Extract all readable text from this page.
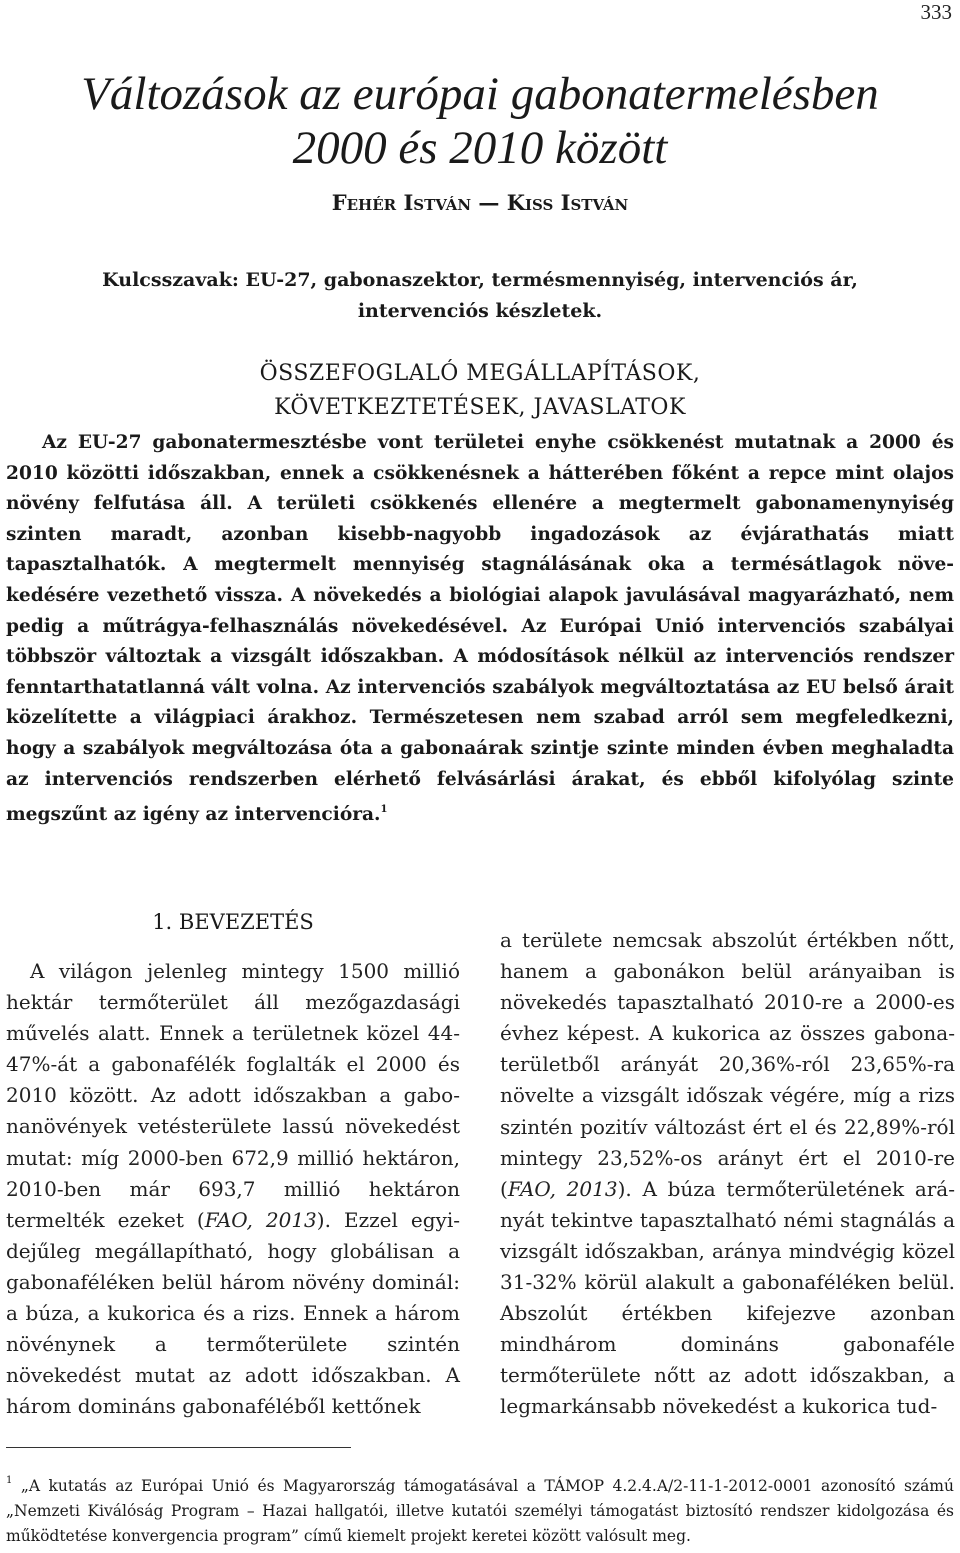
333
Változások az európai gabonatermelésben
2000 és 2010 között
Fehér István — Kiss István
Kulcsszavak: EU-27, gabonaszektor, termésmennyiség, intervenciós ár,
intervenciós készletek.
ÖSSZEFOGLALÓ MEGÁLLAPÍTÁSOK,
KÖVETKEZTETÉSEK, JAVASLATOK
Az EU-27 gabonatermesztésbe vont területei enyhe csökkenést mutatnak a 2000 és 2010 közötti időszakban, ennek a csökkenésnek a hátterében főként a repce mint olajos növény felfutása áll. A területi csökkenés ellenére a megtermelt gabonamenynyiség szinten maradt, azonban kisebb-nagyobb ingadozások az évjárathatás miatt tapasztalhatók. A megtermelt mennyiség stagnálásának oka a termésátlagok növekedésére vezethető vissza. A növekedés a biológiai alapok javulásával magyarázható, nem pedig a műtrágya-felhasználás növekedésével. Az Európai Unió intervenciós szabályai többször változtak a vizsgált időszakban. A módosítások nélkül az intervenciós rendszer fenntarthatatlanná vált volna. Az intervenciós szabályok megváltoztatása az EU belső árait közelítette a világpiaci árakhoz. Természetesen nem szabad arról sem megfeledkezni, hogy a szabályok megváltozása óta a gabonaárak szintje szinte minden évben meghaladta az intervenciós rendszerben elérhető felvásárlási árakat, és ebből kifolyólag szinte megszűnt az igény az intervencióra.$^1$
1. BEVEZETÉS
A világon jelenleg mintegy 1500 millió hektár termőterület áll mezőgazdasági művelés alatt. Ennek a területnek közel 44-47%-át a gabonafélék foglalták el 2000 és 2010 között. Az adott időszakban a gabonanövények vetésterülete lassú növekedést mutat: míg 2000-ben 672,9 millió hektáron, 2010-ben már 693,7 millió hektáron termelték ezeket (FAO, 2013). Ezzel egyidejűleg megállapítható, hogy globálisan a gabonaféléken belül három növény dominál: a búza, a kukorica és a rizs. Ennek a három növénynek a termőterülete szintén növekedést mutat az adott időszakban. A három domináns gabonaféléből kettőnek
a területe nemcsak abszolút értékben nőtt, hanem a gabonákon belül arányaiban is növekedés tapasztalható 2010-re a 2000-es évhez képest. A kukorica az összes gabonaterületből arányát 20,36%-ról 23,65%-ra növelte a vizsgált időszak végére, míg a rizs szintén pozitív változást ért el és 22,89%-ról mintegy 23,52%-os arányt ért el 2010-re (FAO, 2013). A búza termőterületének arányát tekintve tapasztalható némi stagnálás a vizsgált időszakban, aránya mindvégig közel 31-32% körül alakult a gabonaféléken belül. Abszolút értékben kifejezve azonban mindhárom domináns gabonaféle termőterülete nőtt az adott időszakban, a legmarkánsabb növekedést a kukorica tud-
$^1$ „A kutatás az Európai Unió és Magyarország támogatásával a TÁMOP 4.2.4.A/2-11-1-2012-0001 azonosító számú „Nemzeti Kiválóság Program – Hazai hallgatói, illetve kutatói személyi támogatást biztosító rendszer kidolgozása és működtetése konvergencia program” című kiemelt projekt keretei között valósult meg.
